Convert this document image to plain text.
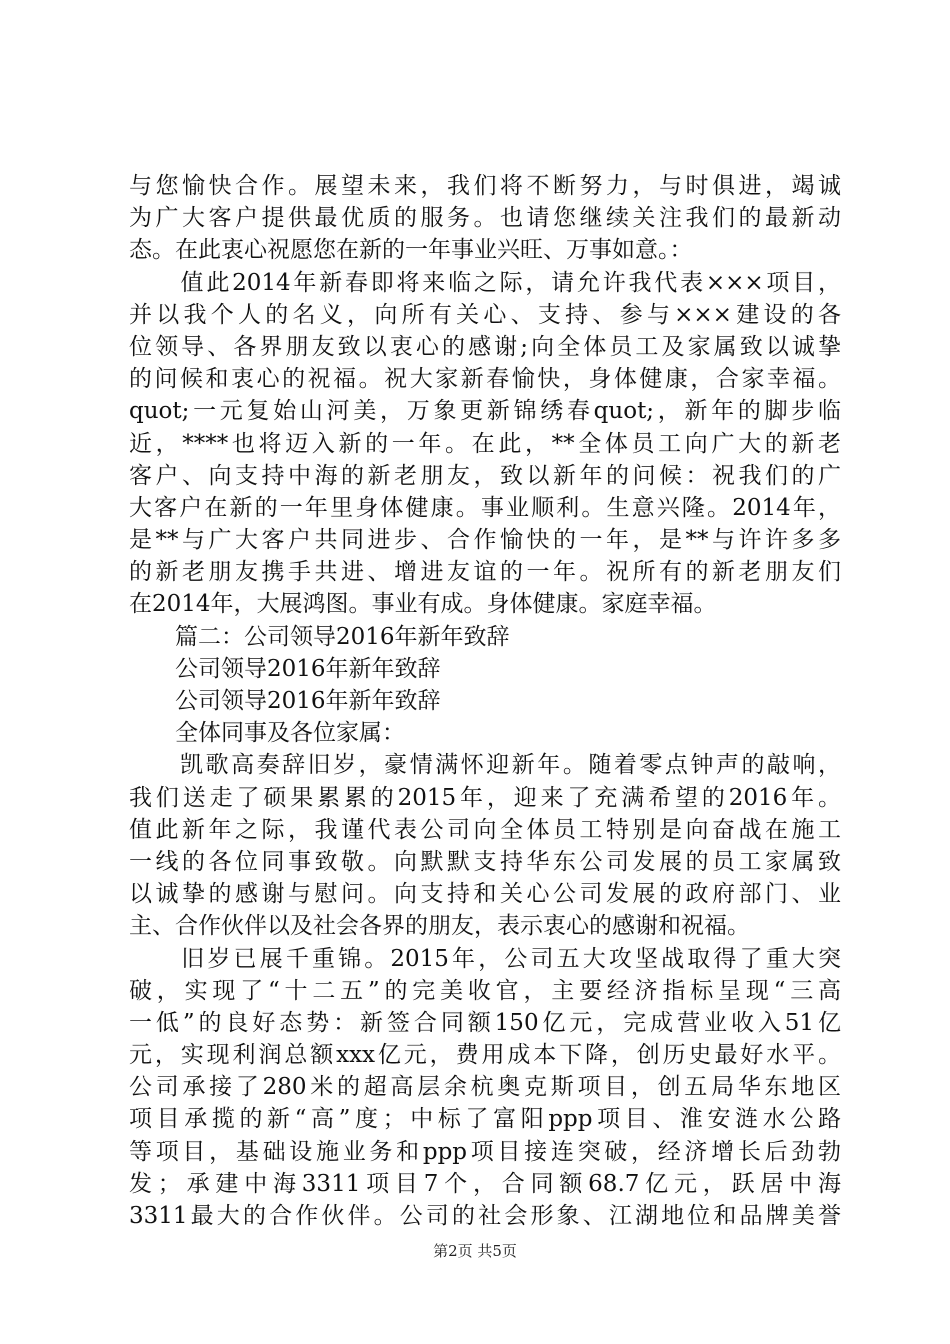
与您愉快合作。展望未来，我们将不断努力，与时俱进，竭诚
为广大客户提供最优质的服务。也请您继续关注我们的最新动
态。在此衷心祝愿您在新的一年事业兴旺、万事如意。：
　　值此2014年新春即将来临之际，请允许我代表×××项目，
并以我个人的名义，向所有关心、支持、参与×××建设的各
位领导、各界朋友致以衷心的感谢;向全体员工及家属致以诚挚
的问候和衷心的祝福。祝大家新春愉快，身体健康，合家幸福。
quot;一元复始山河美，万象更新锦绣春quot;，新年的脚步临
近，****也将迈入新的一年。在此，**全体员工向广大的新老
客户、向支持中海的新老朋友，致以新年的问候：祝我们的广
大客户在新的一年里身体健康。事业顺利。生意兴隆。2014年，
是**与广大客户共同进步、合作愉快的一年，是**与许许多多
的新老朋友携手共进、增进友谊的一年。祝所有的新老朋友们
在2014年，大展鸿图。事业有成。身体健康。家庭幸福。
　　篇二：公司领导2016年新年致辞
　　公司领导2016年新年致辞
　　公司领导2016年新年致辞
　　全体同事及各位家属：
　　凯歌高奏辞旧岁，豪情满怀迎新年。随着零点钟声的敲响，
我们送走了硕果累累的2015年，迎来了充满希望的2016年。
值此新年之际，我谨代表公司向全体员工特别是向奋战在施工
一线的各位同事致敬。向默默支持华东公司发展的员工家属致
以诚挚的感谢与慰问。向支持和关心公司发展的政府部门、业
主、合作伙伴以及社会各界的朋友，表示衷心的感谢和祝福。
　　旧岁已展千重锦。2015年，公司五大攻坚战取得了重大突
破，实现了“十二五”的完美收官，主要经济指标呈现“三高
一低”的良好态势：新签合同额150亿元，完成营业收入51亿
元，实现利润总额xxx亿元，费用成本下降，创历史最好水平。
公司承接了280米的超高层余杭奥克斯项目，创五局华东地区
项目承揽的新“高”度；中标了富阳ppp项目、淮安涟水公路
等项目，基础设施业务和ppp项目接连突破，经济增长后劲勃
发；承建中海3311项目7个，合同额68.7亿元，跃居中海
3311最大的合作伙伴。公司的社会形象、江湖地位和品牌美誉
第2页 共5页
